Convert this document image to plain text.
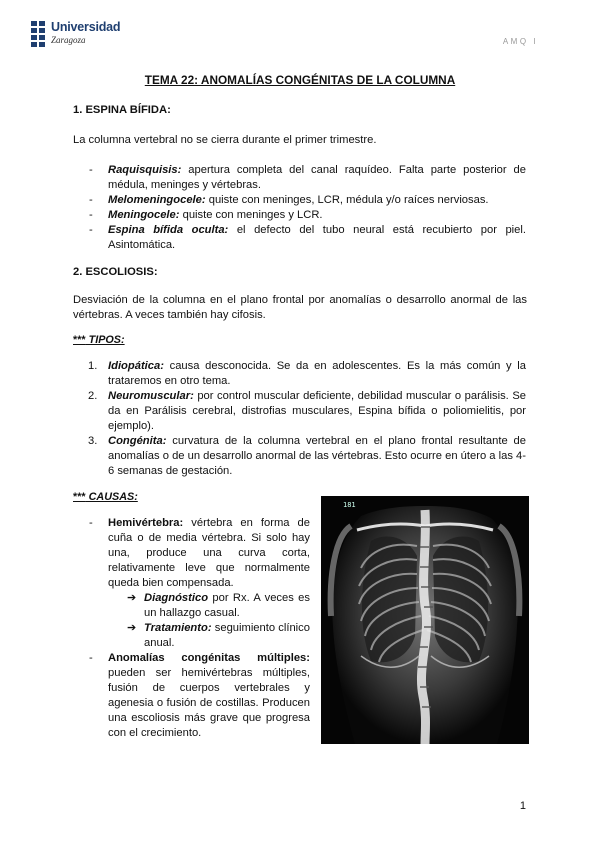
Universidad
Zaragoza	AMQ I
TEMA 22: ANOMALÍAS CONGÉNITAS DE LA COLUMNA
1. ESPINA BÍFIDA:
La columna vertebral no se cierra durante el primer trimestre.
- Raquisquisis: apertura completa del canal raquídeo. Falta parte posterior de médula, meninges y vértebras.
- Melomeningocele: quiste con meninges, LCR, médula y/o raíces nerviosas.
- Meningocele: quiste con meninges y LCR.
- Espina bífida oculta: el defecto del tubo neural está recubierto por piel. Asintomática.
2. ESCOLIOSIS:
Desviación de la columna en el plano frontal por anomalías o desarrollo anormal de las vértebras. A veces también hay cifosis.
*** TIPOS:
1. Idiopática: causa desconocida. Se da en adolescentes. Es la más común y la trataremos en otro tema.
2. Neuromuscular: por control muscular deficiente, debilidad muscular o parálisis. Se da en Parálisis cerebral, distrofias musculares, Espina bífida o poliomielitis, por ejemplo).
3. Congénita: curvatura de la columna vertebral en el plano frontal resultante de anomalías o de un desarrollo anormal de las vértebras. Esto ocurre en útero a las 4-6 semanas de gestación.
*** CAUSAS:
- Hemivértebra: vértebra en forma de cuña o de media vértebra. Si solo hay una, produce una curva corta, relativamente leve que normalmente queda bien compensada.
➔ Diagnóstico por Rx. A veces es un hallazgo casual.
➔ Tratamiento: seguimiento clínico anual.
- Anomalías congénitas múltiples: pueden ser hemivértebras múltiples, fusión de cuerpos vertebrales y agenesia o fusión de costillas. Producen una escoliosis más grave que progresa con el crecimiento.
181
1
